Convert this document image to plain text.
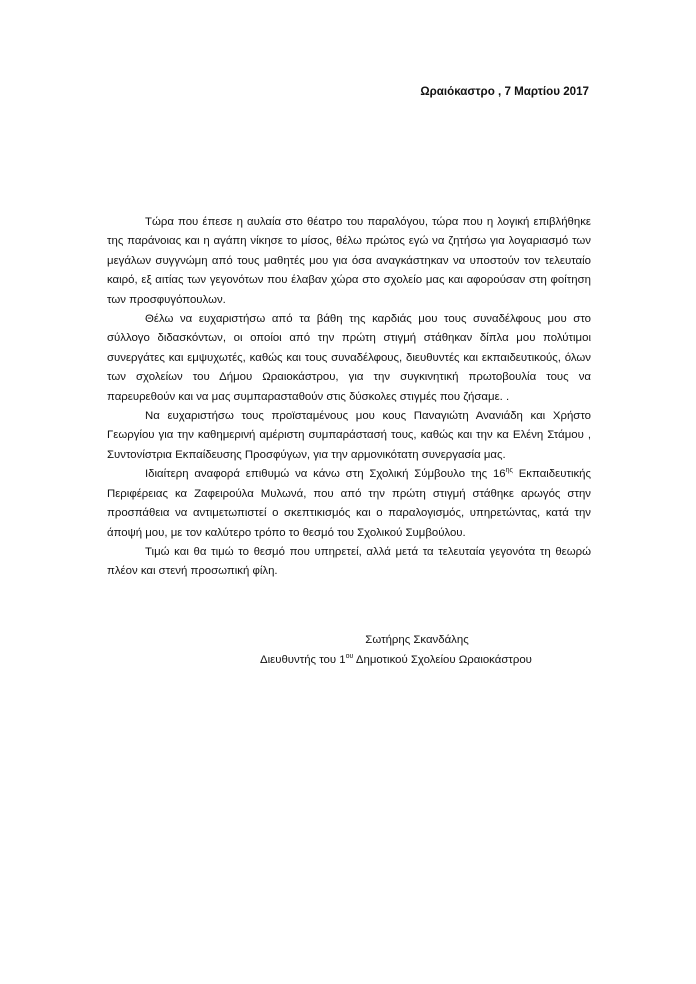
Ωραιόκαστρο , 7 Μαρτίου 2017

Τώρα που έπεσε η αυλαία στο θέατρο του παραλόγου, τώρα που η λογική επιβλήθηκε της παράνοιας και η αγάπη νίκησε το μίσος, θέλω πρώτος εγώ να ζητήσω για λογαριασμό των μεγάλων συγγνώμη από τους μαθητές μου για όσα αναγκάστηκαν να υποστούν τον τελευταίο καιρό, εξ αιτίας των γεγονότων που έλαβαν χώρα στο σχολείο μας και αφορούσαν στη φοίτηση των προσφυγόπουλων.

Θέλω να ευχαριστήσω από τα βάθη της καρδιάς μου τους συναδέλφους μου στο σύλλογο διδασκόντων, οι οποίοι από την πρώτη στιγμή στάθηκαν δίπλα μου πολύτιμοι συνεργάτες και εμψυχωτές, καθώς και τους συναδέλφους, διευθυντές και εκπαιδευτικούς, όλων των σχολείων του Δήμου Ωραιοκάστρου, για την συγκινητική πρωτοβουλία τους να παρευρεθούν και να μας συμπαρασταθούν στις δύσκολες στιγμές που ζήσαμε. .

Να ευχαριστήσω τους προϊσταμένους μου κους Παναγιώτη Ανανιάδη και Χρήστο Γεωργίου για την καθημερινή αμέριστη συμπαράστασή τους, καθώς και την κα Ελένη Στάμου , Συντονίστρια Εκπαίδευσης Προσφύγων, για την αρμονικότατη συνεργασία μας.

Ιδιαίτερη αναφορά επιθυμώ να κάνω στη Σχολική Σύμβουλο της $16^{\eta\varsigma}$ Εκπαιδευτικής Περιφέρειας κα Ζαφειρούλα Μυλωνά, που από την πρώτη στιγμή στάθηκε αρωγός στην προσπάθεια να αντιμετωπιστεί ο σκεπτικισμός και ο παραλογισμός, υπηρετώντας, κατά την άποψή μου, με τον καλύτερο τρόπο το θεσμό του Σχολικού Συμβούλου.

Τιμώ και θα τιμώ το θεσμό που υπηρετεί, αλλά μετά τα τελευταία γεγονότα τη θεωρώ πλέον και στενή προσωπική φίλη.

Σωτήρης Σκανδάλης
Διευθυντής του $1^{o\upsilon}$ Δημοτικού Σχολείου Ωραιοκάστρου
